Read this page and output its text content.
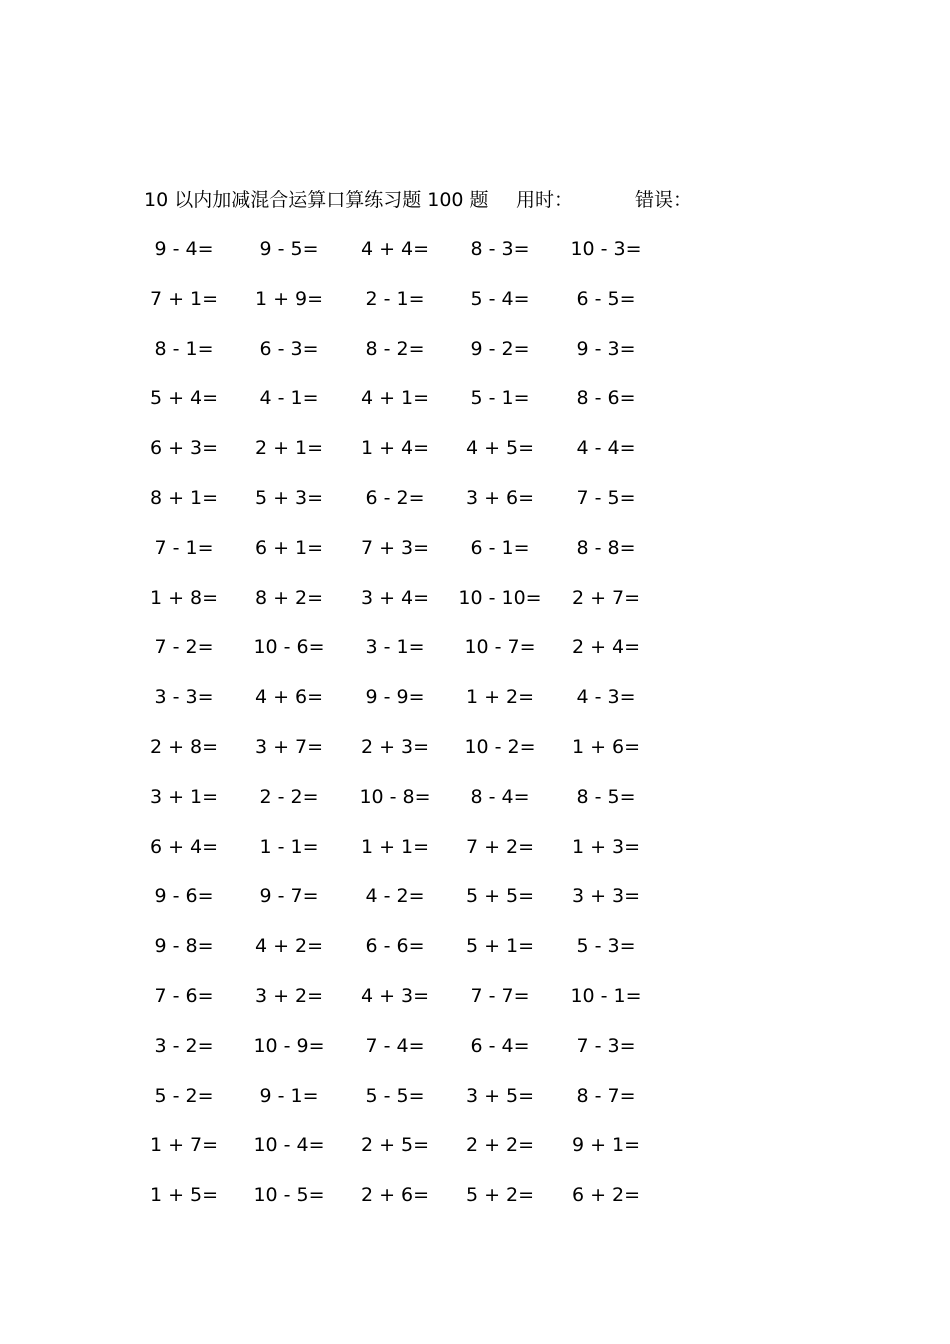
10 以内加减混合运算口算练习题 100 题 用时：	错误：
9 - 4=	9 - 5=	4 + 4=	8 - 3=	10 - 3=
7 + 1=	1 + 9=	2 - 1=	5 - 4=	6 - 5=
8 - 1=	6 - 3=	8 - 2=	9 - 2=	9 - 3=
5 + 4=	4 - 1=	4 + 1=	5 - 1=	8 - 6=
6 + 3=	2 + 1=	1 + 4=	4 + 5=	4 - 4=
8 + 1=	5 + 3=	6 - 2=	3 + 6=	7 - 5=
7 - 1=	6 + 1=	7 + 3=	6 - 1=	8 - 8=
1 + 8=	8 + 2=	3 + 4=	10 - 10=	2 + 7=
7 - 2=	10 - 6=	3 - 1=	10 - 7=	2 + 4=
3 - 3=	4 + 6=	9 - 9=	1 + 2=	4 - 3=
2 + 8=	3 + 7=	2 + 3=	10 - 2=	1 + 6=
3 + 1=	2 - 2=	10 - 8=	8 - 4=	8 - 5=
6 + 4=	1 - 1=	1 + 1=	7 + 2=	1 + 3=
9 - 6=	9 - 7=	4 - 2=	5 + 5=	3 + 3=
9 - 8=	4 + 2=	6 - 6=	5 + 1=	5 - 3=
7 - 6=	3 + 2=	4 + 3=	7 - 7=	10 - 1=
3 - 2=	10 - 9=	7 - 4=	6 - 4=	7 - 3=
5 - 2=	9 - 1=	5 - 5=	3 + 5=	8 - 7=
1 + 7=	10 - 4=	2 + 5=	2 + 2=	9 + 1=
1 + 5=	10 - 5=	2 + 6=	5 + 2=	6 + 2=
